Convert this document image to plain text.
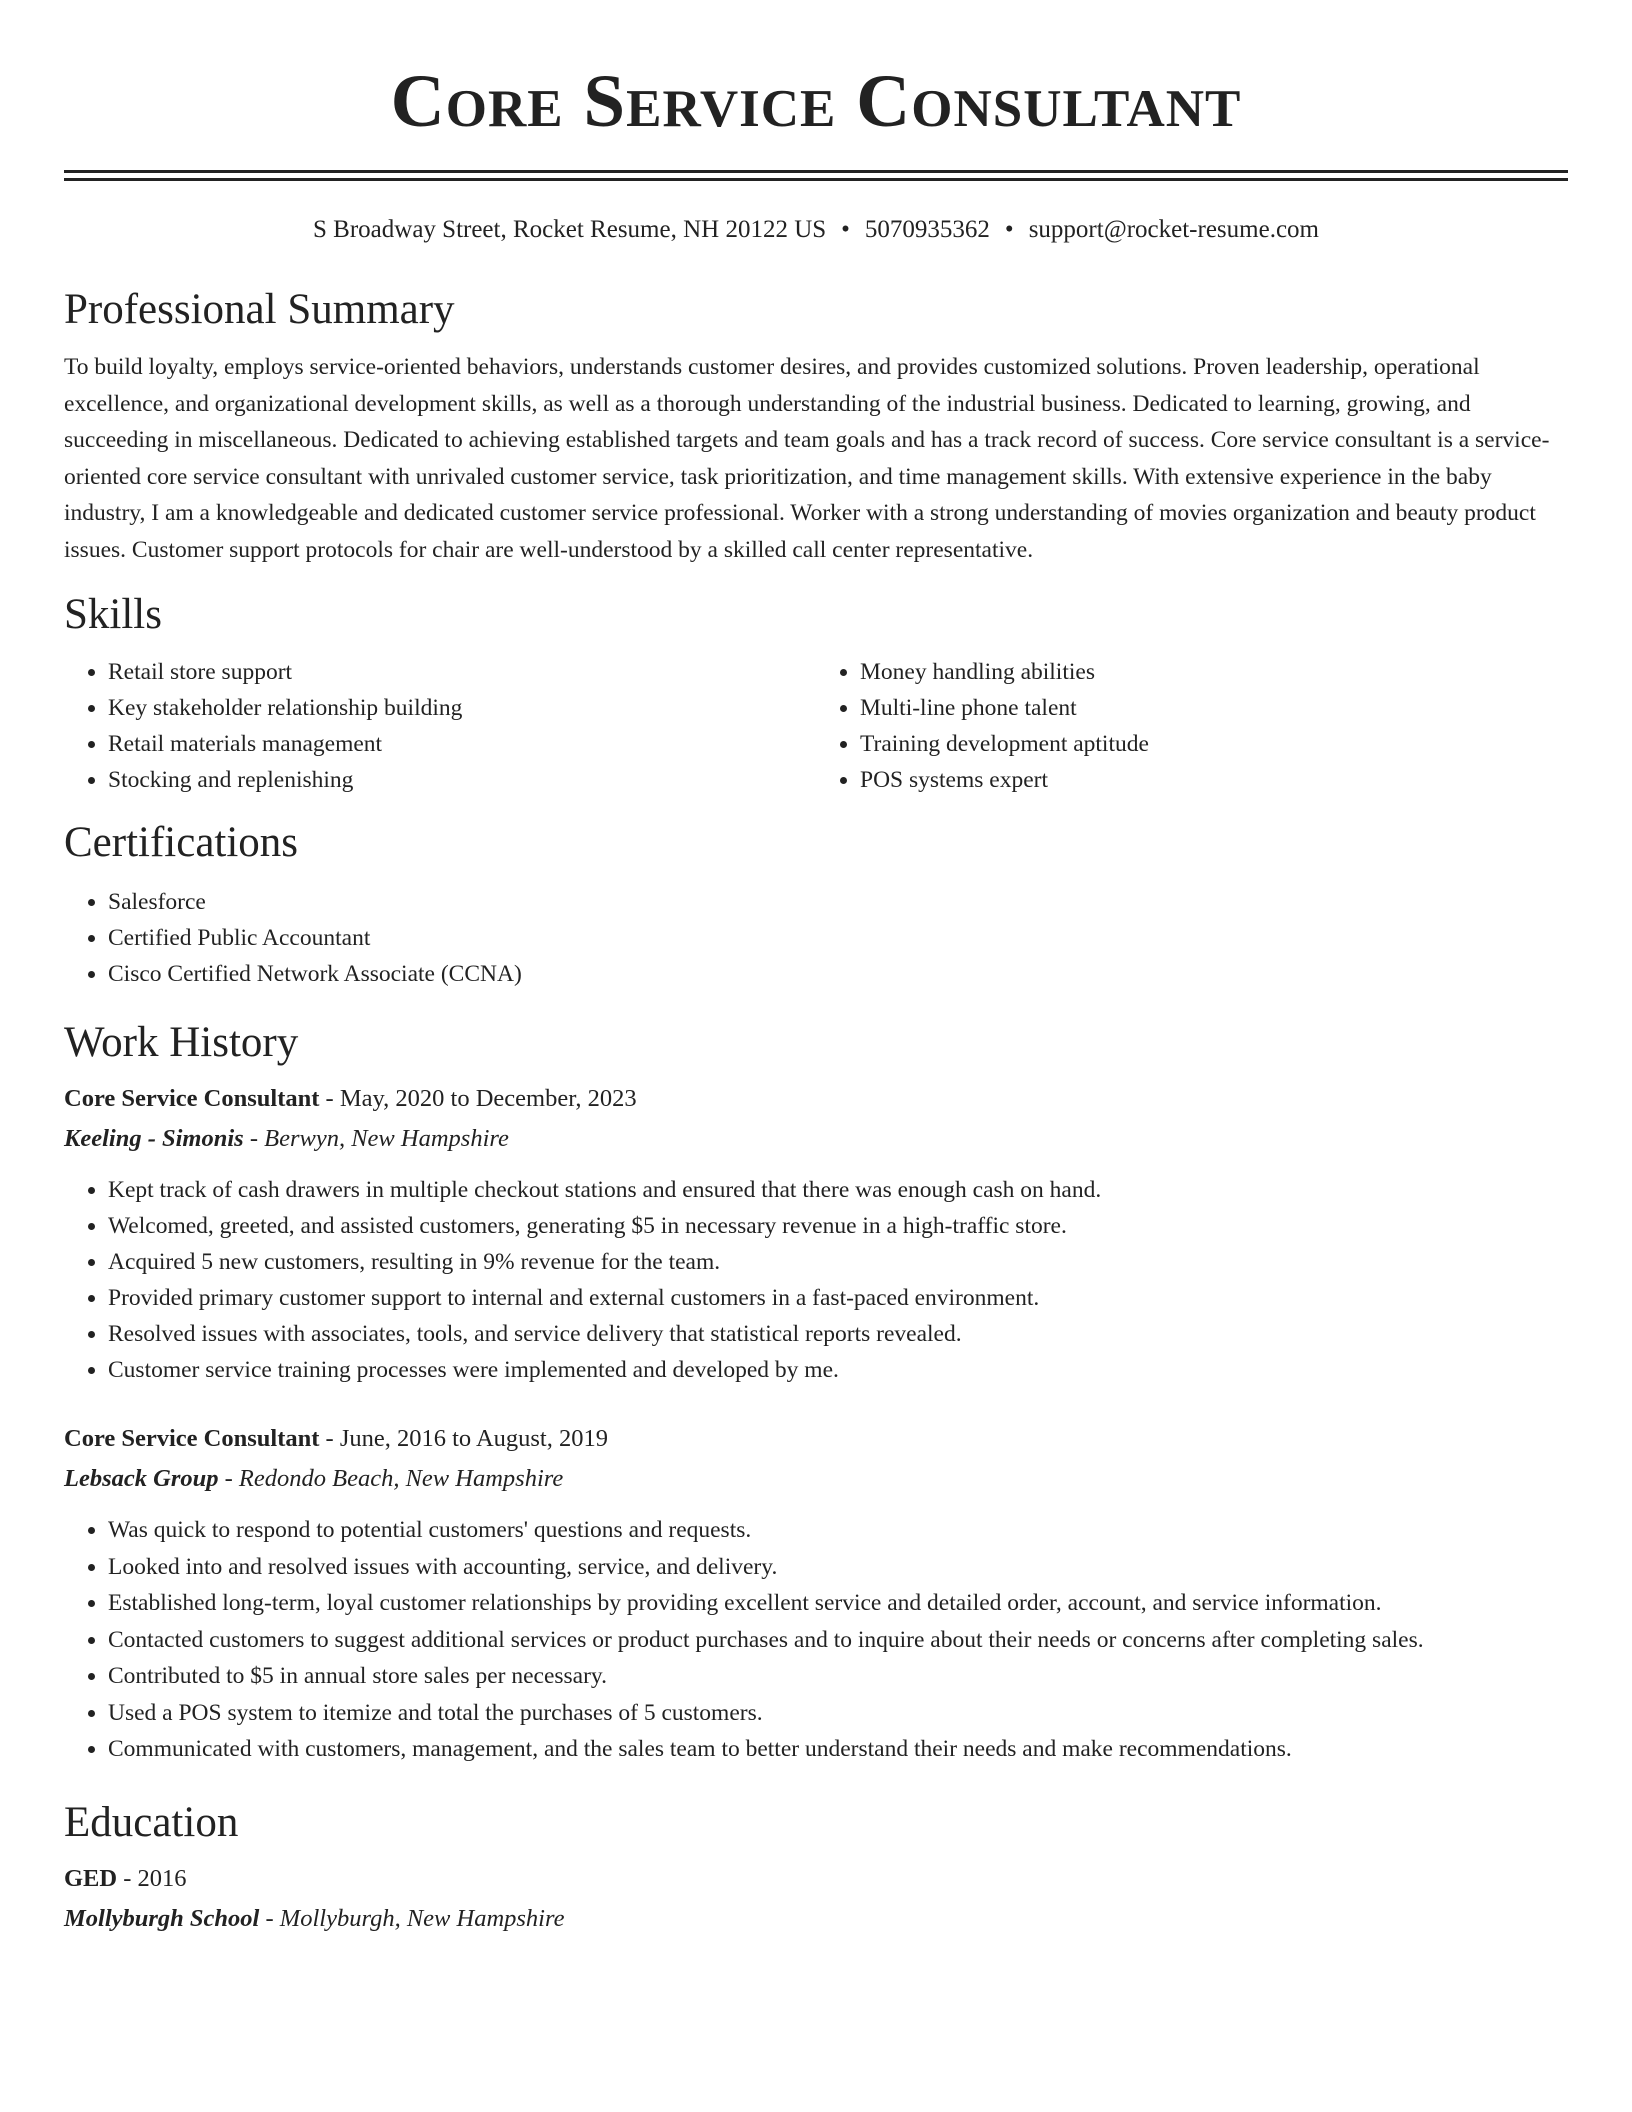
Core Service Consultant
S Broadway Street, Rocket Resume, NH 20122 US • 5070935362 • support@rocket-resume.com
Professional Summary

To build loyalty, employs service-oriented behaviors, understands customer desires, and provides customized solutions. Proven leadership, operational excellence, and organizational development skills, as well as a thorough understanding of the industrial business. Dedicated to learning, growing, and succeeding in miscellaneous. Dedicated to achieving established targets and team goals and has a track record of success. Core service consultant is a service-oriented core service consultant with unrivaled customer service, task prioritization, and time management skills. With extensive experience in the baby industry, I am a knowledgeable and dedicated customer service professional. Worker with a strong understanding of movies organization and beauty product issues. Customer support protocols for chair are well-understood by a skilled call center representative.

Skills
• Retail store support
• Key stakeholder relationship building
• Retail materials management
• Stocking and replenishing
• Money handling abilities
• Multi-line phone talent
• Training development aptitude
• POS systems expert
Certifications
• Salesforce
• Certified Public Accountant
• Cisco Certified Network Associate (CCNA)
Work History
Core Service Consultant - May, 2020 to December, 2023
Keeling - Simonis - Berwyn, New Hampshire
• Kept track of cash drawers in multiple checkout stations and ensured that there was enough cash on hand.
• Welcomed, greeted, and assisted customers, generating $5 in necessary revenue in a high-traffic store.
• Acquired 5 new customers, resulting in 9% revenue for the team.
• Provided primary customer support to internal and external customers in a fast-paced environment.
• Resolved issues with associates, tools, and service delivery that statistical reports revealed.
• Customer service training processes were implemented and developed by me.
Core Service Consultant - June, 2016 to August, 2019
Lebsack Group - Redondo Beach, New Hampshire
• Was quick to respond to potential customers' questions and requests.
• Looked into and resolved issues with accounting, service, and delivery.
• Established long-term, loyal customer relationships by providing excellent service and detailed order, account, and service information.
• Contacted customers to suggest additional services or product purchases and to inquire about their needs or concerns after completing sales.
• Contributed to $5 in annual store sales per necessary.
• Used a POS system to itemize and total the purchases of 5 customers.
• Communicated with customers, management, and the sales team to better understand their needs and make recommendations.
Education
GED - 2016
Mollyburgh School - Mollyburgh, New Hampshire
